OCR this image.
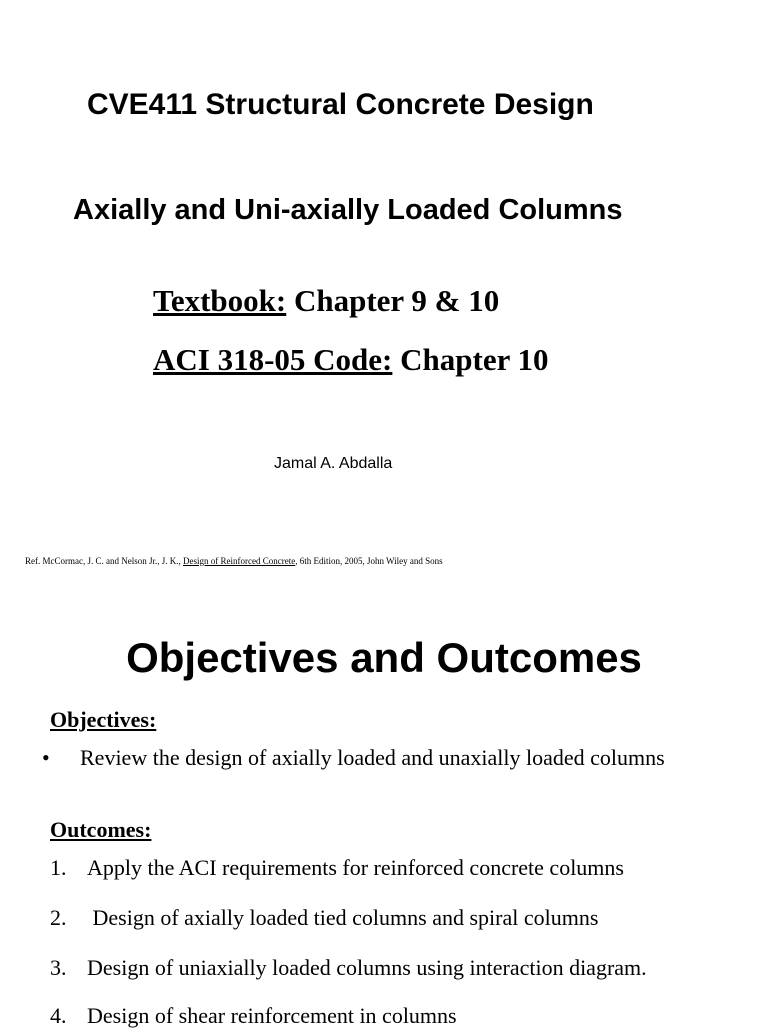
CVE411 Structural Concrete Design
Axially and Uni-axially Loaded Columns
Textbook: Chapter 9 & 10
ACI 318-05 Code: Chapter 10
Jamal A. Abdalla
Ref. McCormac, J. C. and Nelson Jr., J. K., Design of Reinforced Concrete, 6th Edition, 2005, John Wiley and Sons
Objectives and Outcomes
Objectives:
• Review the design of axially loaded and unaxially loaded columns
Outcomes:
1. Apply the ACI requirements for reinforced concrete columns
2. Design of axially loaded tied columns and spiral columns
3. Design of uniaxially loaded columns using interaction diagram.
4. Design of shear reinforcement in columns
